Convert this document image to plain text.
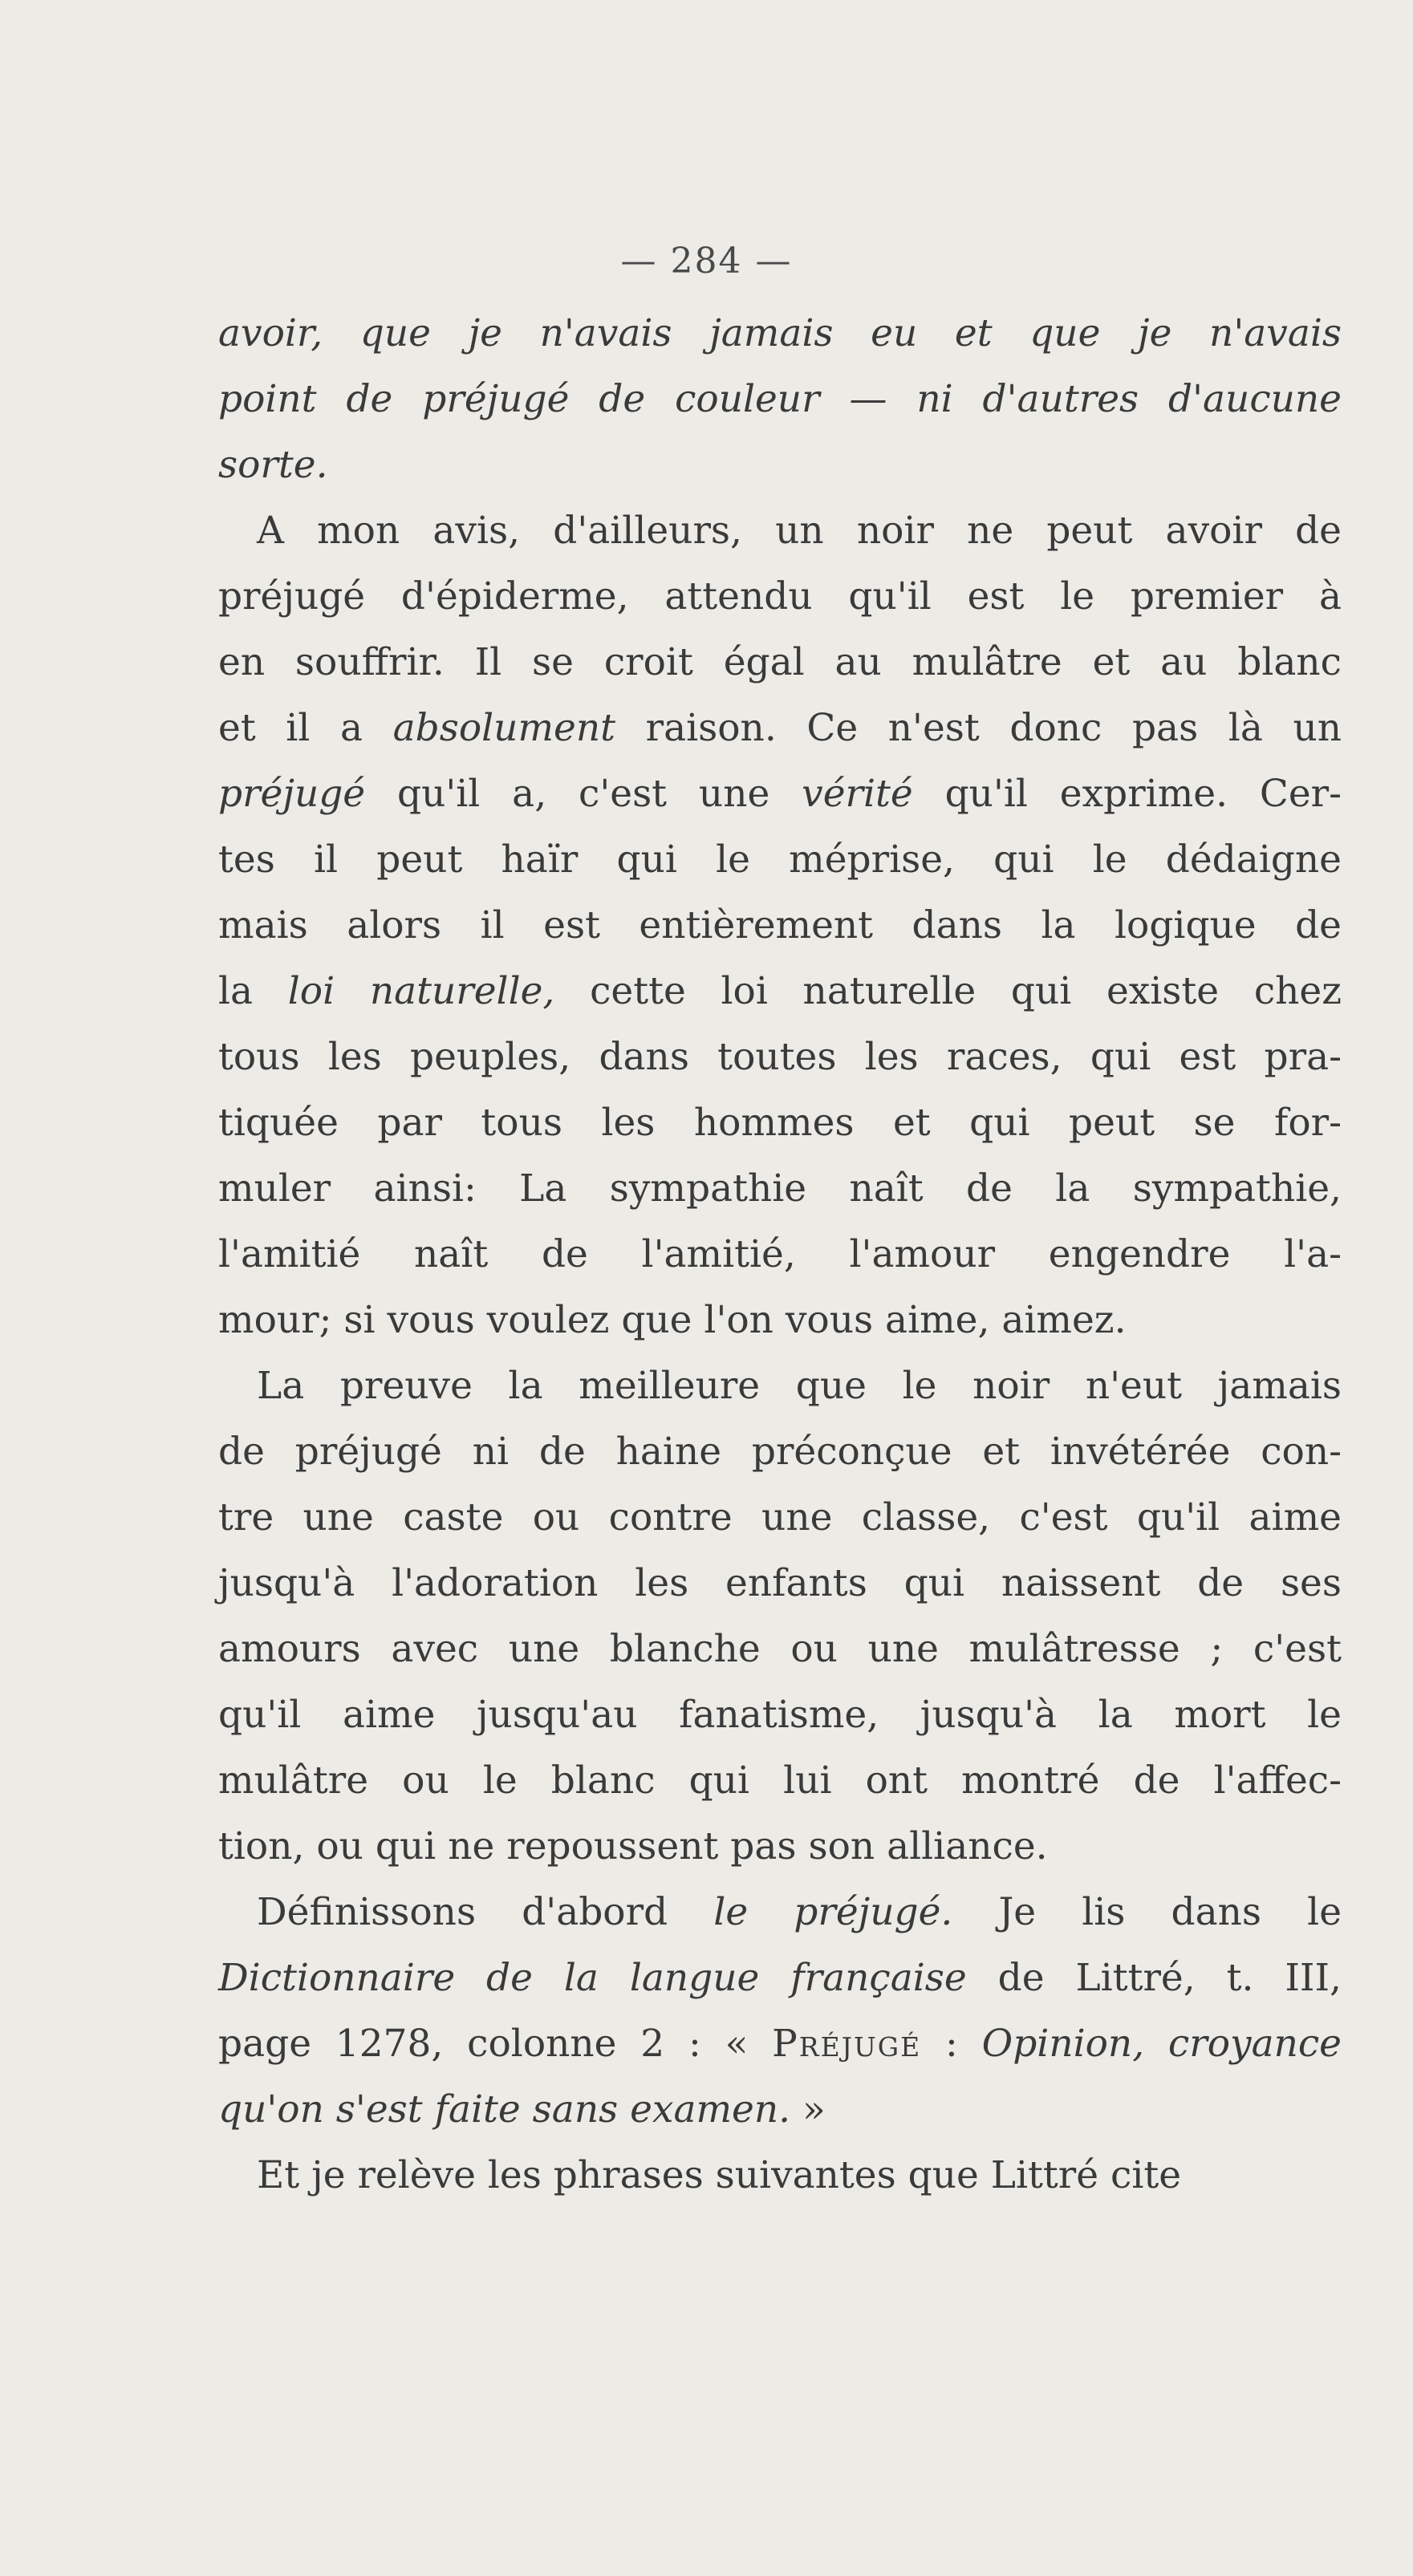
— 284 —
avoir, que je n'avais jamais eu et que je n'avais
point de préjugé de couleur — ni d'autres d'aucune
sorte.
A mon avis, d'ailleurs, un noir ne peut avoir de
préjugé d'épiderme, attendu qu'il est le premier à
en souffrir. Il se croit égal au mulâtre et au blanc
et il a absolument raison. Ce n'est donc pas là un
préjugé qu'il a, c'est une vérité qu'il exprime. Cer-
tes il peut haïr qui le méprise, qui le dédaigne
mais alors il est entièrement dans la logique de
la loi naturelle, cette loi naturelle qui existe chez
tous les peuples, dans toutes les races, qui est pra-
tiquée par tous les hommes et qui peut se for-
muler ainsi: La sympathie naît de la sympathie,
l'amitié naît de l'amitié, l'amour engendre l'a-
mour; si vous voulez que l'on vous aime, aimez.
La preuve la meilleure que le noir n'eut jamais
de préjugé ni de haine préconçue et invétérée con-
tre une caste ou contre une classe, c'est qu'il aime
jusqu'à l'adoration les enfants qui naissent de ses
amours avec une blanche ou une mulâtresse ; c'est
qu'il aime jusqu'au fanatisme, jusqu'à la mort le
mulâtre ou le blanc qui lui ont montré de l'affec-
tion, ou qui ne repoussent pas son alliance.
Définissons d'abord le préjugé. Je lis dans le
Dictionnaire de la langue française de Littré, t. III,
page 1278, colonne 2 : « Préjugé : Opinion, croyance
qu'on s'est faite sans examen. »
Et je relève les phrases suivantes que Littré cite
